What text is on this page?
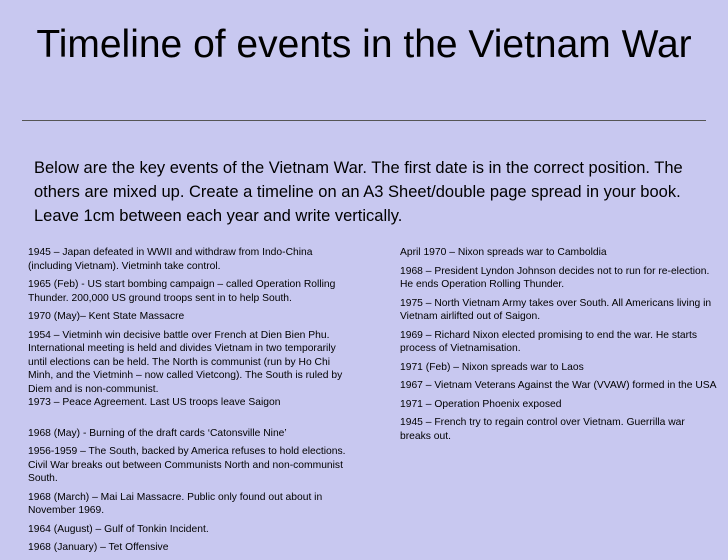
Timeline of events in the Vietnam War

Below are the key events of the Vietnam War. The first date is in the correct position. The others are mixed up. Create a timeline on an A3 Sheet/double page spread in your book. Leave 1cm between each year and write vertically.

1945 – Japan defeated in WWII and withdraw from Indo-China (including Vietnam). Vietminh take control.

1965 (Feb) - US start bombing campaign – called Operation Rolling Thunder. 200,000 US ground troops sent in to help South.

1970 (May)– Kent State Massacre

1954 – Vietminh win decisive battle over French at Dien Bien Phu. International meeting is held and divides Vietnam in two temporarily until elections can be held. The North is communist (run by Ho Chi Minh, and the Vietminh – now called Vietcong). The South is ruled by Diem and is non-communist.

1973 – Peace Agreement. Last US troops leave Saigon

1968 (May) - Burning of the draft cards ‘Catonsville Nine’

1956-1959 – The South, backed by America refuses to hold elections. Civil War breaks out between Communists North and non-communist South.

1968 (March) – Mai Lai Massacre. Public only found out about in November 1969.

1964 (August) – Gulf of Tonkin Incident.

1968 (January) – Tet Offensive

April 1970 – Nixon spreads war to Camboldia

1968 – President Lyndon Johnson decides not to run for re-election. He ends Operation Rolling Thunder.

1975 – North Vietnam Army takes over South. All Americans living in Vietnam airlifted out of Saigon.

1969 – Richard Nixon elected promising to end the war. He starts process of Vietnamisation.

1971 (Feb) – Nixon spreads war to Laos

1967 – Vietnam Veterans Against the War (VVAW) formed in the USA

1971 – Operation Phoenix exposed

1945 – French try to regain control over Vietnam. Guerrilla war breaks out.
